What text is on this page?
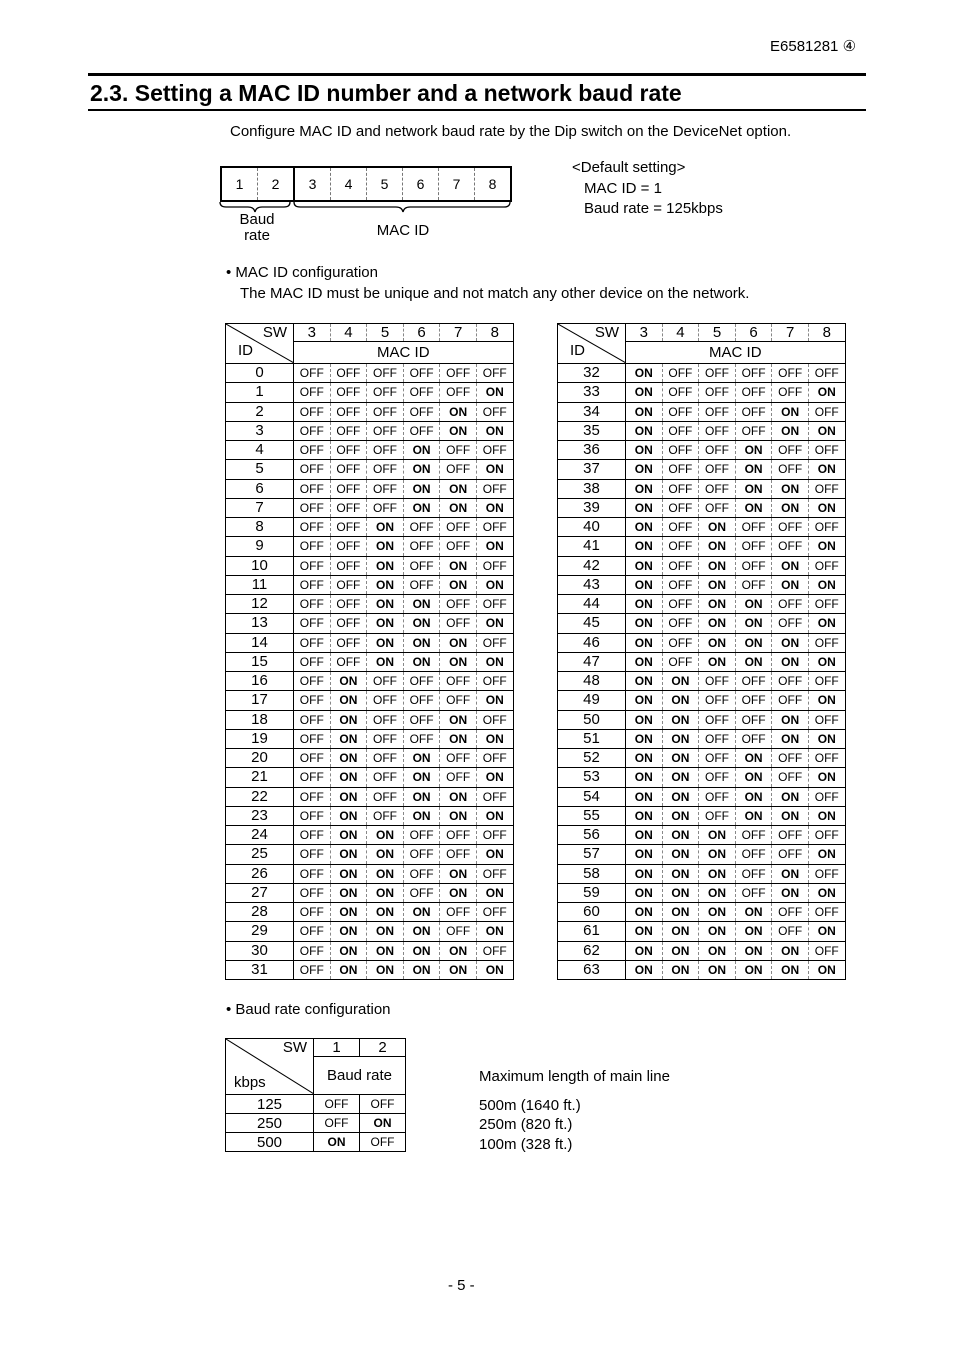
E6581281 ④
2.3. Setting a MAC ID number and a network baud rate
Configure MAC ID and network baud rate by the Dip switch on the DeviceNet option.
1	2	3	4	5	6	7	8
Baud
rate	MAC ID
<Default setting>
MAC ID = 1
Baud rate = 125kbps
• MAC ID configuration
The MAC ID must be unique and not match any other device on the network.
SW
ID	3	4	5	6	7	8
	MAC ID					
0	OFF	OFF	OFF	OFF	OFF	OFF
1	OFF	OFF	OFF	OFF	OFF	ON
2	OFF	OFF	OFF	OFF	ON	OFF
3	OFF	OFF	OFF	OFF	ON	ON
4	OFF	OFF	OFF	ON	OFF	OFF
5	OFF	OFF	OFF	ON	OFF	ON
6	OFF	OFF	OFF	ON	ON	OFF
7	OFF	OFF	OFF	ON	ON	ON
8	OFF	OFF	ON	OFF	OFF	OFF
9	OFF	OFF	ON	OFF	OFF	ON
10	OFF	OFF	ON	OFF	ON	OFF
11	OFF	OFF	ON	OFF	ON	ON
12	OFF	OFF	ON	ON	OFF	OFF
13	OFF	OFF	ON	ON	OFF	ON
14	OFF	OFF	ON	ON	ON	OFF
15	OFF	OFF	ON	ON	ON	ON
16	OFF	ON	OFF	OFF	OFF	OFF
17	OFF	ON	OFF	OFF	OFF	ON
18	OFF	ON	OFF	OFF	ON	OFF
19	OFF	ON	OFF	OFF	ON	ON
20	OFF	ON	OFF	ON	OFF	OFF
21	OFF	ON	OFF	ON	OFF	ON
22	OFF	ON	OFF	ON	ON	OFF
23	OFF	ON	OFF	ON	ON	ON
24	OFF	ON	ON	OFF	OFF	OFF
25	OFF	ON	ON	OFF	OFF	ON
26	OFF	ON	ON	OFF	ON	OFF
27	OFF	ON	ON	OFF	ON	ON
28	OFF	ON	ON	ON	OFF	OFF
29	OFF	ON	ON	ON	OFF	ON
30	OFF	ON	ON	ON	ON	OFF
31	OFF	ON	ON	ON	ON	ON
SW
ID	3	4	5	6	7	8
	MAC ID					
32	ON	OFF	OFF	OFF	OFF	OFF
33	ON	OFF	OFF	OFF	OFF	ON
34	ON	OFF	OFF	OFF	ON	OFF
35	ON	OFF	OFF	OFF	ON	ON
36	ON	OFF	OFF	ON	OFF	OFF
37	ON	OFF	OFF	ON	OFF	ON
38	ON	OFF	OFF	ON	ON	OFF
39	ON	OFF	OFF	ON	ON	ON
40	ON	OFF	ON	OFF	OFF	OFF
41	ON	OFF	ON	OFF	OFF	ON
42	ON	OFF	ON	OFF	ON	OFF
43	ON	OFF	ON	OFF	ON	ON
44	ON	OFF	ON	ON	OFF	OFF
45	ON	OFF	ON	ON	OFF	ON
46	ON	OFF	ON	ON	ON	OFF
47	ON	OFF	ON	ON	ON	ON
48	ON	ON	OFF	OFF	OFF	OFF
49	ON	ON	OFF	OFF	OFF	ON
50	ON	ON	OFF	OFF	ON	OFF
51	ON	ON	OFF	OFF	ON	ON
52	ON	ON	OFF	ON	OFF	OFF
53	ON	ON	OFF	ON	OFF	ON
54	ON	ON	OFF	ON	ON	OFF
55	ON	ON	OFF	ON	ON	ON
56	ON	ON	ON	OFF	OFF	OFF
57	ON	ON	ON	OFF	OFF	ON
58	ON	ON	ON	OFF	ON	OFF
59	ON	ON	ON	OFF	ON	ON
60	ON	ON	ON	ON	OFF	OFF
61	ON	ON	ON	ON	OFF	ON
62	ON	ON	ON	ON	ON	OFF
63	ON	ON	ON	ON	ON	ON
• Baud rate configuration
SW
kbps	1	2
	Baud rate	
125	OFF	OFF
250	OFF	ON
500	ON	OFF
Maximum length of main line
500m (1640 ft.)
250m (820 ft.)
100m (328 ft.)
- 5 -
